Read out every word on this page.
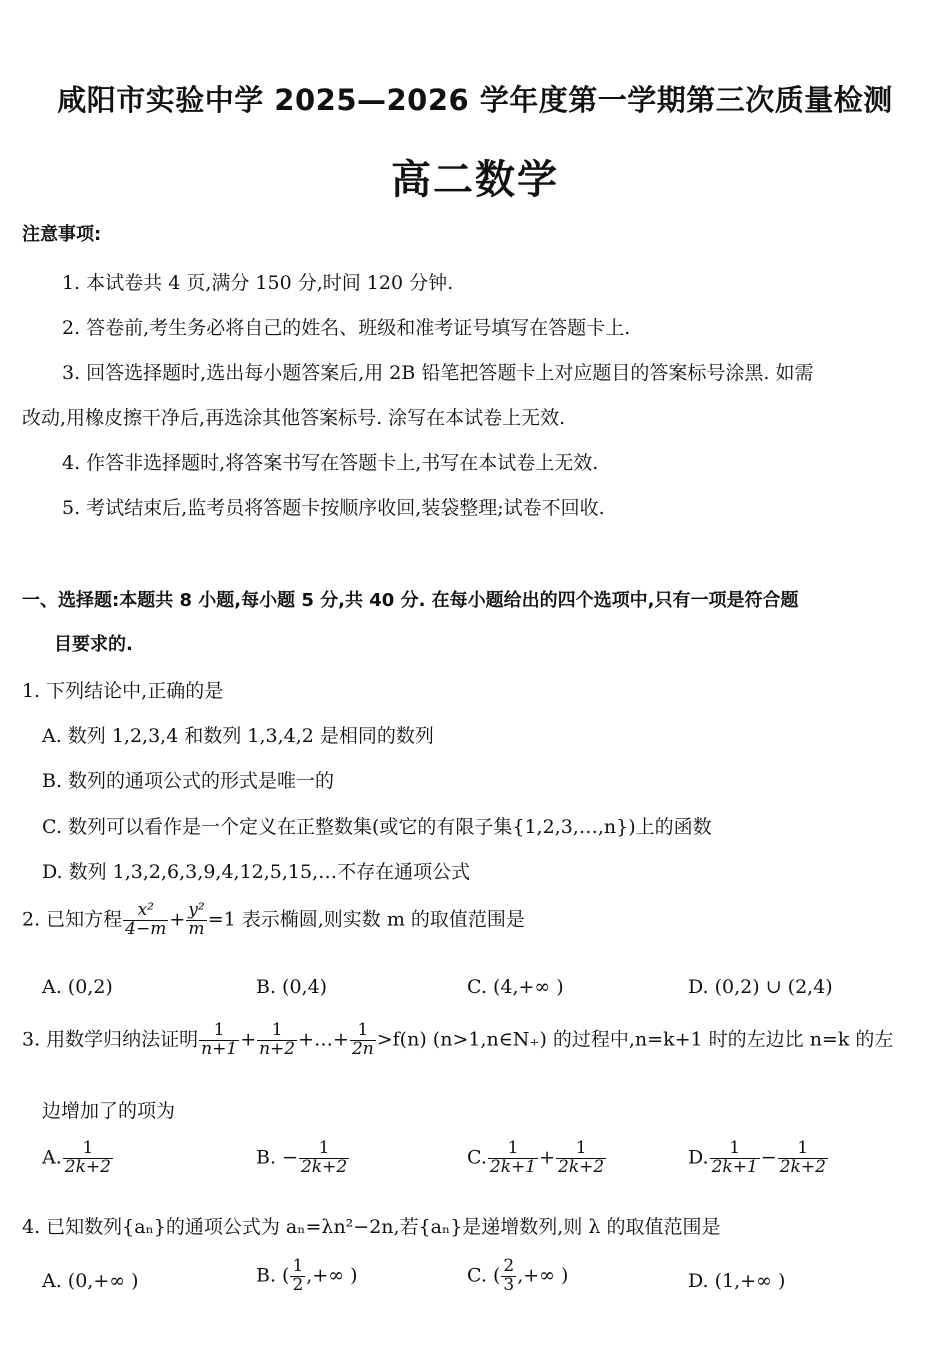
咸阳市实验中学 2025—2026 学年度第一学期第三次质量检测
高二数学
注意事项:
1. 本试卷共 4 页,满分 150 分,时间 120 分钟.
2. 答卷前,考生务必将自己的姓名、班级和准考证号填写在答题卡上.
3. 回答选择题时,选出每小题答案后,用 2B 铅笔把答题卡上对应题目的答案标号涂黑. 如需
改动,用橡皮擦干净后,再选涂其他答案标号. 涂写在本试卷上无效.
4. 作答非选择题时,将答案书写在答题卡上,书写在本试卷上无效.
5. 考试结束后,监考员将答题卡按顺序收回,装袋整理;试卷不回收.
一、选择题:本题共 8 小题,每小题 5 分,共 40 分. 在每小题给出的四个选项中,只有一项是符合题
目要求的.
1. 下列结论中,正确的是
A. 数列 1,2,3,4 和数列 1,3,4,2 是相同的数列
B. 数列的通项公式的形式是唯一的
C. 数列可以看作是一个定义在正整数集(或它的有限子集{1,2,3,…,n})上的函数
D. 数列 1,3,2,6,3,9,4,12,5,15,…不存在通项公式
2. 已知方程 $\frac{\text{x²}}{4-m} + \frac{\text{y²}}{m} =1$ 表示椭圆,则实数 m 的取值范围是
A. (0,2)	B. (0,4)	C. (4,+∞ )	D. (0,2) ∪ (2,4)
3. 用数学归纳法证明 $\frac{1}{n+1} + \frac{1}{n+2}$ +…+ $\frac{1}{2n} >f(n)$ (n>1,n∈N₊) 的过程中,n=k+1 时的左边比 n=k 的左
边增加了的项为
A. $\frac{1}{2k+2}$	B. − $\frac{1}{2k+2}$	C. $\frac{1}{2k+1} + \frac{1}{2k+2}$	D. $\frac{1}{2k+1} - \frac{1}{2k+2}$
4. 已知数列{aₙ}的通项公式为 aₙ=λn²−2n,若{aₙ}是递增数列,则 λ 的取值范围是
A. (0,+∞ )	B. ( $\frac{1}{2}$ ,+∞ )	C. ( $\frac{2}{3}$ ,+∞ )	D. (1,+∞ )
